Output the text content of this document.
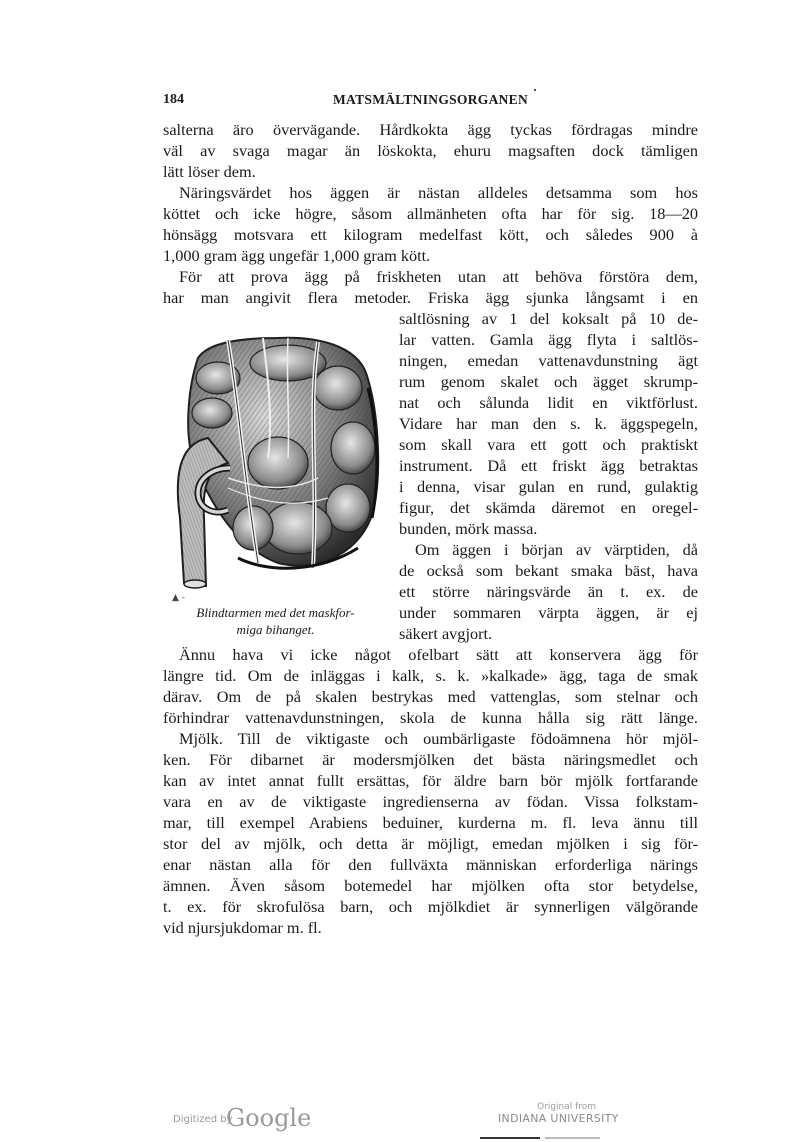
184	MATSMÄLTNINGSORGANEN
salterna äro övervägande. Hårdkokta ägg tyckas fördragas mindre
väl av svaga magar än löskokta, ehuru magsaften dock tämligen
lätt löser dem.
Näringsvärdet hos äggen är nästan alldeles detsamma som hos
köttet och icke högre, såsom allmänheten ofta har för sig. 18—20
hönsägg motsvara ett kilogram medelfast kött, och således 900 à
1,000 gram ägg ungefär 1,000 gram kött.
För att prova ägg på friskheten utan att behöva förstöra dem,
har man angivit flera metoder. Friska ägg sjunka långsamt i en
saltlösning av 1 del koksalt på 10 de-
lar vatten. Gamla ägg flyta i saltlös-
ningen, emedan vattenavdunstning ägt
rum genom skalet och ägget skrump-
nat och sålunda lidit en viktförlust.
Vidare har man den s. k. äggspegeln,
som skall vara ett gott och praktiskt
instrument. Då ett friskt ägg betraktas
i denna, visar gulan en rund, gulaktig
figur, det skämda däremot en oregel-
bunden, mörk massa.
Om äggen i början av värptiden, då
de också som bekant smaka bäst, hava
ett större näringsvärde än t. ex. de
under sommaren värpta äggen, är ej
säkert avgjort.
Ännu hava vi icke något ofelbart sätt att konservera ägg för
längre tid. Om de inläggas i kalk, s. k. »kalkade» ägg, taga de smak
därav. Om de på skalen bestrykas med vattenglas, som stelnar och
förhindrar vattenavdunstningen, skola de kunna hålla sig rätt länge.
Mjölk. Till de viktigaste och oumbärligaste födoämnena hör mjöl-
ken. För dibarnet är modersmjölken det bästa näringsmedlet och
kan av intet annat fullt ersättas, för äldre barn bör mjölk fortfarande
vara en av de viktigaste ingredienserna av födan. Vissa folkstam-
mar, till exempel Arabiens beduiner, kurderna m. fl. leva ännu till
stor del av mjölk, och detta är möjligt, emedan mjölken i sig för-
enar nästan alla för den fullväxta människan erforderliga närings
ämnen. Även såsom botemedel har mjölken ofta stor betydelse,
t. ex. för skrofulösa barn, och mjölkdiet är synnerligen välgörande
vid njursjukdomar m. fl.
Blindtarmen med det maskfor-
miga bihanget.
Digitized by
Google	Original from
INDIANA UNIVERSITY
▲ -
